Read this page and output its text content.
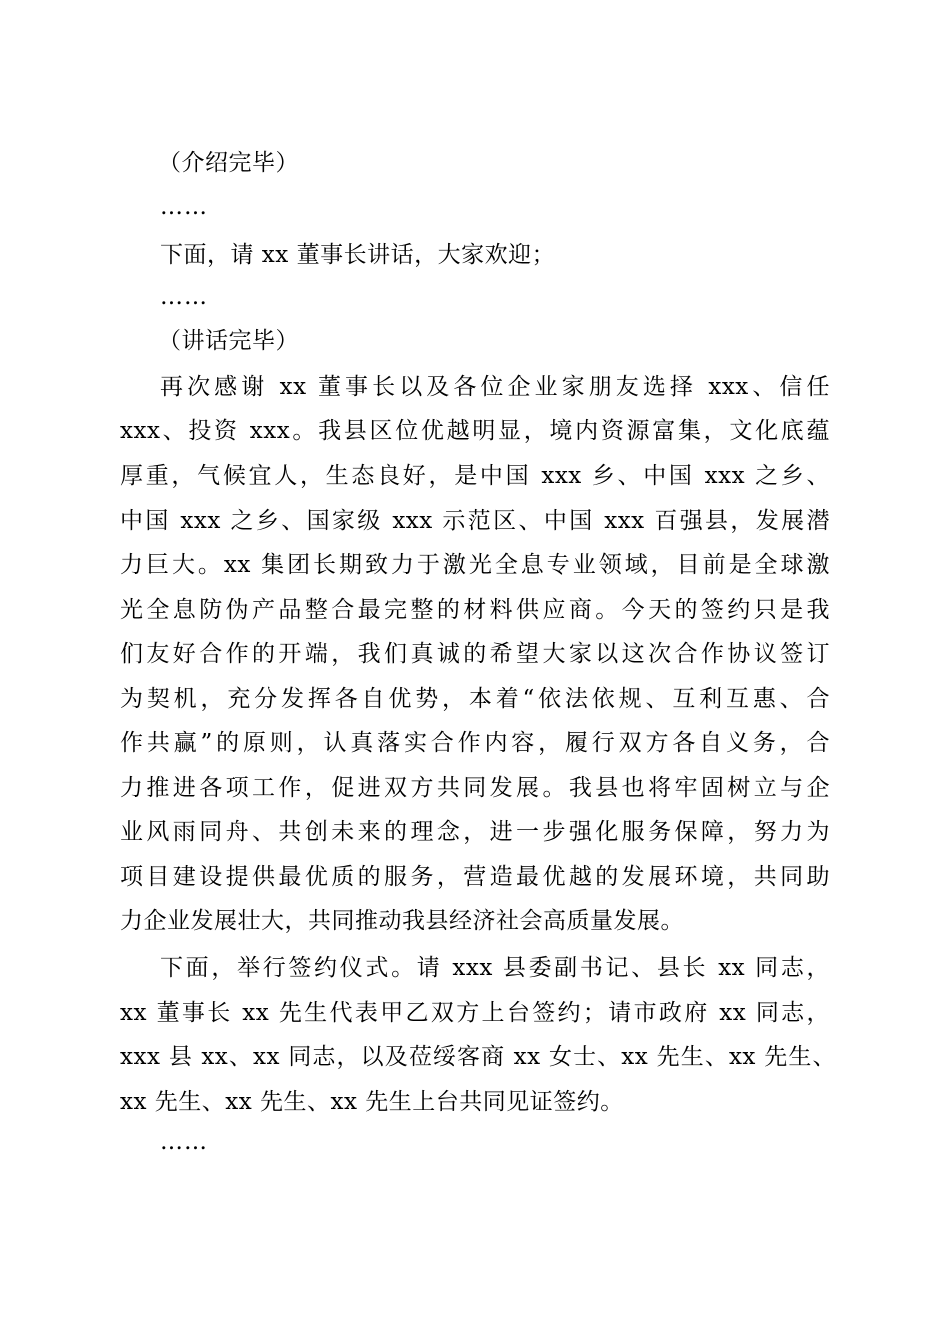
（介绍完毕）
……
下面，请 xx 董事长讲话，大家欢迎；
……
（讲话完毕）
再次感谢 xx 董事长以及各位企业家朋友选择 xxx、信任
xxx、投资 xxx。我县区位优越明显，境内资源富集，文化底蕴
厚重，气候宜人，生态良好，是中国 xxx 乡、中国 xxx 之乡、
中国 xxx 之乡、国家级 xxx 示范区、中国 xxx 百强县，发展潜
力巨大。xx 集团长期致力于激光全息专业领域，目前是全球激
光全息防伪产品整合最完整的材料供应商。今天的签约只是我
们友好合作的开端，我们真诚的希望大家以这次合作协议签订
为契机，充分发挥各自优势，本着“依法依规、互利互惠、合
作共赢”的原则，认真落实合作内容，履行双方各自义务，合
力推进各项工作，促进双方共同发展。我县也将牢固树立与企
业风雨同舟、共创未来的理念，进一步强化服务保障，努力为
项目建设提供最优质的服务，营造最优越的发展环境，共同助
力企业发展壮大，共同推动我县经济社会高质量发展。
下面，举行签约仪式。请 xxx 县委副书记、县长 xx 同志，
xx 董事长 xx 先生代表甲乙双方上台签约；请市政府 xx 同志，
xxx 县 xx、xx 同志，以及莅绥客商 xx 女士、xx 先生、xx 先生、
xx 先生、xx 先生、xx 先生上台共同见证签约。
……
